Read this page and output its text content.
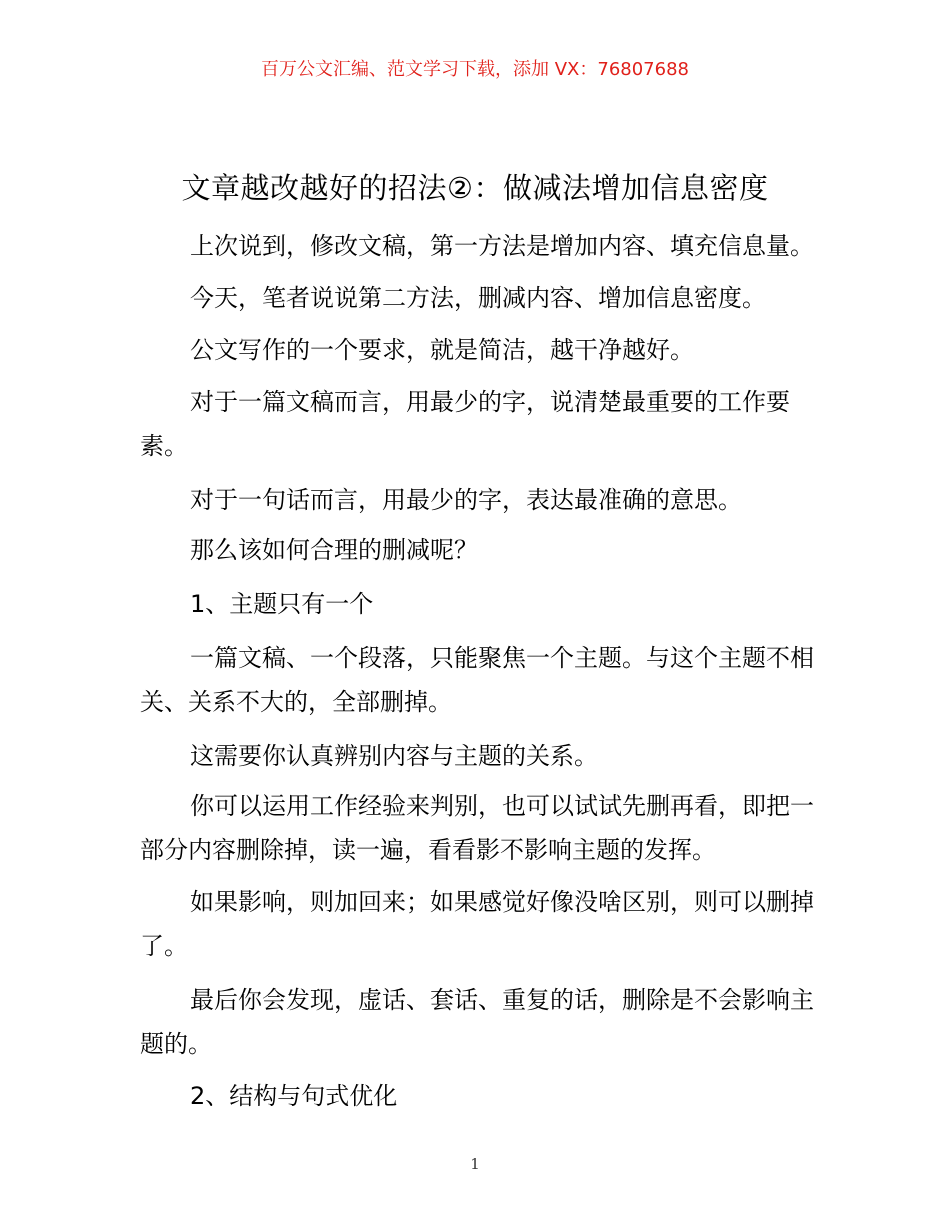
百万公文汇编、范文学习下载，添加 VX：76807688
文章越改越好的招法②：做减法增加信息密度

上次说到，修改文稿，第一方法是增加内容、填充信息量。

今天，笔者说说第二方法，删减内容、增加信息密度。

公文写作的一个要求，就是简洁，越干净越好。

对于一篇文稿而言，用最少的字，说清楚最重要的工作要素。

对于一句话而言，用最少的字，表达最准确的意思。

那么该如何合理的删减呢？

1、主题只有一个

一篇文稿、一个段落，只能聚焦一个主题。与这个主题不相关、关系不大的，全部删掉。

这需要你认真辨别内容与主题的关系。

你可以运用工作经验来判别，也可以试试先删再看，即把一部分内容删除掉，读一遍，看看影不影响主题的发挥。

如果影响，则加回来；如果感觉好像没啥区别，则可以删掉了。

最后你会发现，虚话、套话、重复的话，删除是不会影响主题的。

2、结构与句式优化

1
